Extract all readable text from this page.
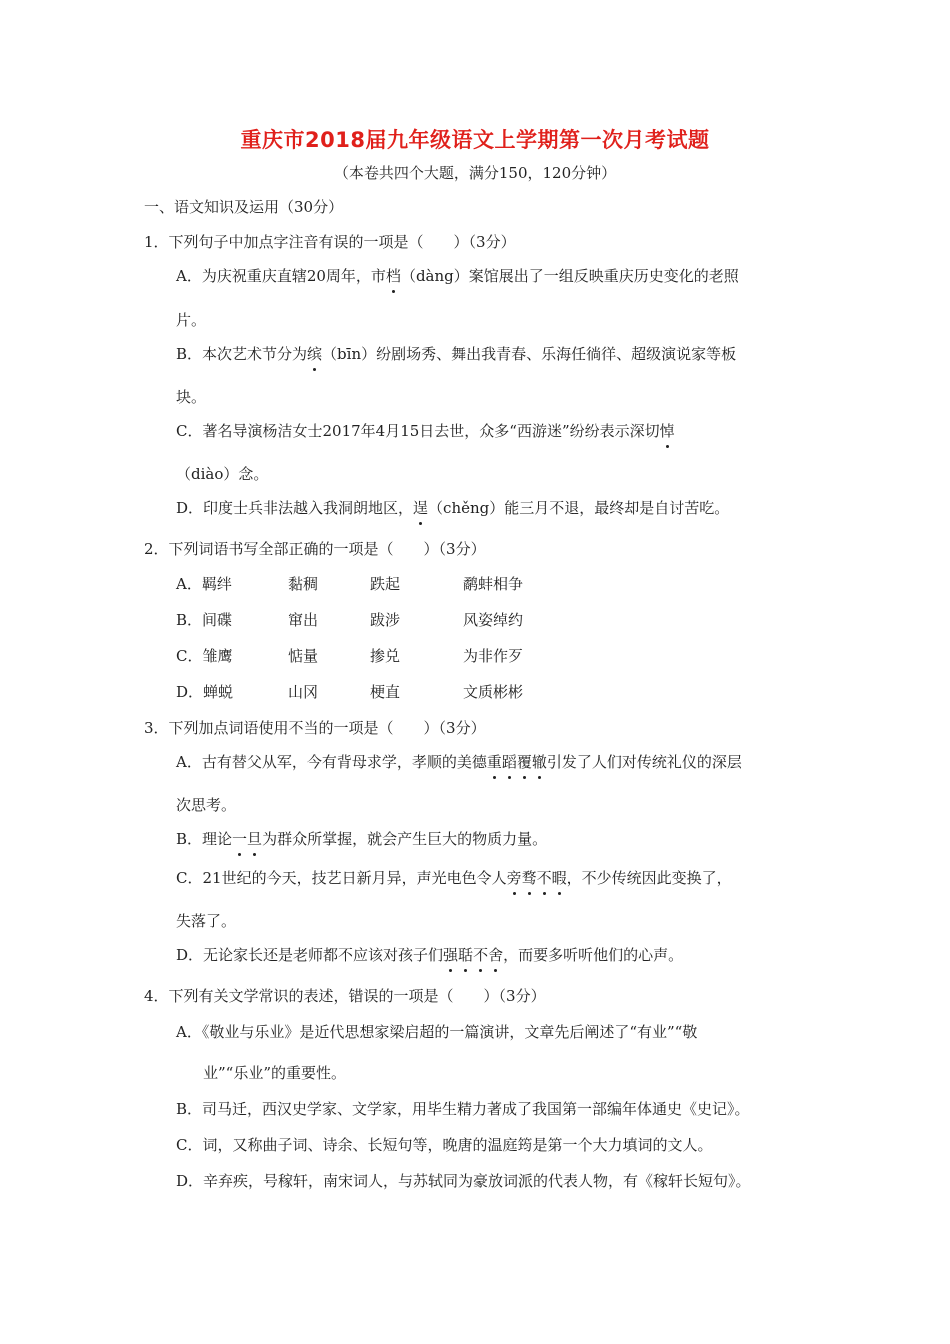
重庆市2018届九年级语文上学期第一次月考试题
（本卷共四个大题，满分150，120分钟）
一、语文知识及运用（30分）
1．下列句子中加点字注音有误的一项是（　　）（3分）
A．为庆祝重庆直辖20周年，市档（dàng）案馆展出了一组反映重庆历史变化的老照
片。
B．本次艺术节分为缤（bīn）纷剧场秀、舞出我青春、乐海任徜徉、超级演说家等板
块。
C．著名导演杨洁女士2017年4月15日去世，众多“西游迷”纷纷表示深切悼
（diào）念。
D．印度士兵非法越入我洞朗地区，逞（chěng）能三月不退，最终却是自讨苦吃。
2．下列词语书写全部正确的一项是（　　）（3分）
A．羁绊	黏稠	跌起	鹬蚌相争
B．间碟	窜出	跋涉	风姿绰约
C．雏鹰	惦量	掺兑	为非作歹
D．蝉蜕	山冈	梗直	文质彬彬
3．下列加点词语使用不当的一项是（　　）（3分）
A．古有替父从军，今有背母求学，孝顺的美德重蹈覆辙引发了人们对传统礼仪的深层
次思考。
B．理论一旦为群众所掌握，就会产生巨大的物质力量。
C．21世纪的今天，技艺日新月异，声光电色令人旁骛不暇，不少传统因此变换了，
失落了。
D．无论家长还是老师都不应该对孩子们强聒不舍，而要多听听他们的心声。
4．下列有关文学常识的表述，错误的一项是（　　）（3分）
A．《敬业与乐业》是近代思想家梁启超的一篇演讲，文章先后阐述了“有业”“敬
业”“乐业”的重要性。
B．司马迁，西汉史学家、文学家，用毕生精力著成了我国第一部编年体通史《史记》。
C．词，又称曲子词、诗余、长短句等，晚唐的温庭筠是第一个大力填词的文人。
D．辛弃疾，号稼轩，南宋词人，与苏轼同为豪放词派的代表人物，有《稼轩长短句》。
